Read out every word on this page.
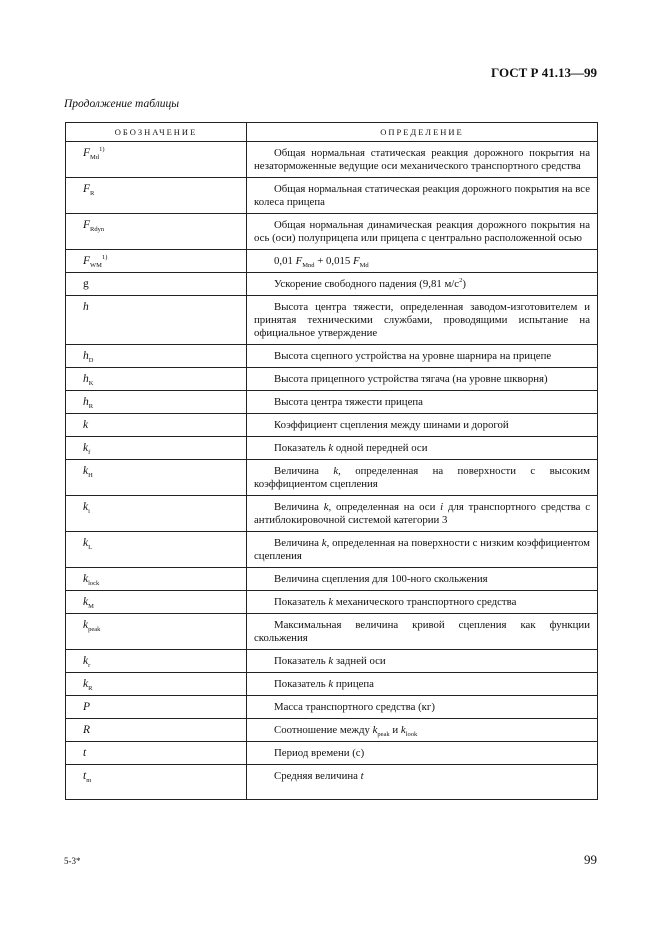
ГОСТ Р 41.13—99
Продолжение таблицы
ОБОЗНАЧЕНИЕ	ОПРЕДЕЛЕНИЕ
$F_{Md}^{1)}$	Общая нормальная статическая реакция дорожного покрытия на незаторможенные ведущие оси механического транспортного средства
$F_R$	Общая нормальная статическая реакция дорожного покрытия на все колеса прицепа
$F_{Rdyn}$	Общая нормальная динамическая реакция дорожного покрытия на ось (оси) полуприцепа или прицепа с центрально расположенной осью
$F_{WM}^{1)}$	0,01 $F_{Mnd} + 0,015$ $F_{Md}$
g	Ускорение свободного падения (9,81 $м/с^2$)
h	Высота центра тяжести, определенная заводом-изготовителем и принятая техническими службами, проводящими испытание на официальное утверждение
$h_D$	Высота сцепного устройства на уровне шарнира на прицепе
$h_K$	Высота прицепного устройства тягача (на уровне шкворня)
$h_R$	Высота центра тяжести прицепа
k	Коэффициент сцепления между шинами и дорогой
$k_f$	Показатель k одной передней оси
$k_H$	Величина k, определенная на поверхности с высоким коэффициентом сцепления
$k_i$	Величина k, определенная на оси i для транспортного средства с антиблокировочной системой категории 3
$k_L$	Величина k, определенная на поверхности с низким коэффициентом сцепления
$k_{lock}$	Величина сцепления для 100-ного скольжения
$k_M$	Показатель k механического транспортного средства
$k_{peak}$	Максимальная величина кривой сцепления как функции скольжения
$k_r$	Показатель k задней оси
$k_R$	Показатель k прицепа
P	Масса транспортного средства (кг)
R	Соотношение между $k_{peak}$ и $k_{look}$
t	Период времени (с)
$t_m$	Средняя величина t
5-3*	99
